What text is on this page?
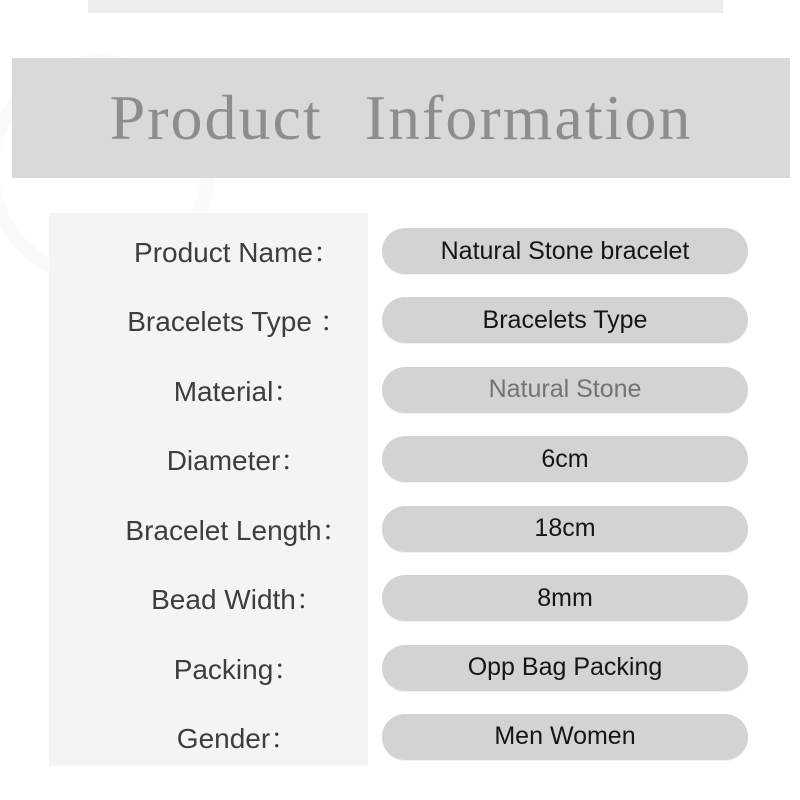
Product Information
Product Name：	Natural Stone bracelet
Bracelets Type ：	Bracelets Type
Material：	Natural Stone
Diameter：	6cm
Bracelet Length：	18cm
Bead Width：	8mm
Packing：	Opp Bag Packing
Gender：	Men Women
